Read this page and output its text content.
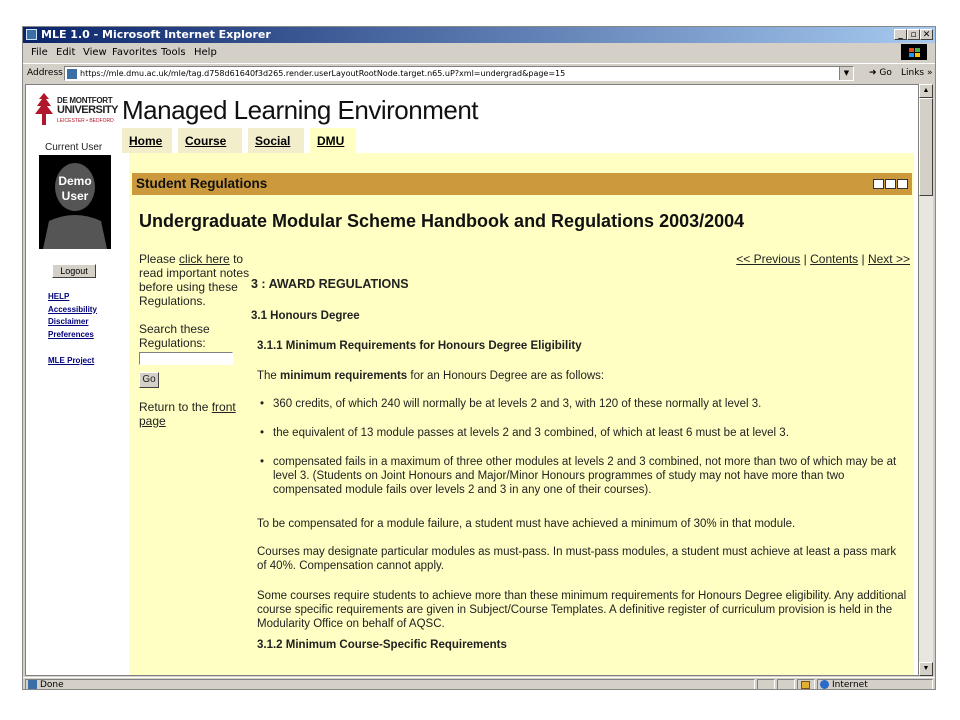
MLE 1.0 - Microsoft Internet Explorer	_ ▫ ✕
File Edit View Favorites Tools Help
Address https://mle.dmu.ac.uk/mle/tag.d758d61640f3d265.render.userLayoutRootNode.target.n65.uP?xml=undergrad&page=15	▼	➜ Go Links »
DE MONTFORT
UNIVERSITY
LEICESTER • BEDFORD Managed Learning Environment
Current User
Demo
User
Logout
HELP
Accessibility
Disclaimer
Preferences
MLE Project
Home Course Social DMU
Student Regulations
Undergraduate Modular Scheme Handbook and Regulations 2003/2004
Please click here to read important notes before using these Regulations.
Search these Regulations:
Go
Return to the front page
<< Previous | Contents | Next >>
3 : AWARD REGULATIONS
3.1 Honours Degree
3.1.1 Minimum Requirements for Honours Degree Eligibility
The minimum requirements for an Honours Degree are as follows:
• 360 credits, of which 240 will normally be at levels 2 and 3, with 120 of these normally at level 3.
• the equivalent of 13 module passes at levels 2 and 3 combined, of which at least 6 must be at level 3.
• compensated fails in a maximum of three other modules at levels 2 and 3 combined, not more than two of which may be at level 3. (Students on Joint Honours and Major/Minor Honours programmes of study may not have more than two compensated module fails over levels 2 and 3 in any one of their courses).
To be compensated for a module failure, a student must have achieved a minimum of 30% in that module.
Courses may designate particular modules as must-pass. In must-pass modules, a student must achieve at least a pass mark of 40%. Compensation cannot apply.
Some courses require students to achieve more than these minimum requirements for Honours Degree eligibility. Any additional course specific requirements are given in Subject/Course Templates. A definitive register of curriculum provision is held in the Modularity Office on behalf of AQSC.
3.1.2 Minimum Course-Specific Requirements
▲
▼
Done	Internet
